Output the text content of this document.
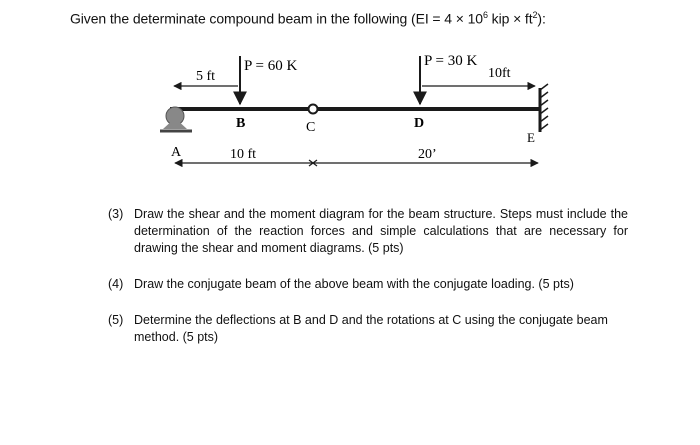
Given the determinate compound beam in the following ($EI = 4 \times 10^6$ kip × $ft^2$):
P = 60 K	P = 30 K
5 ft	10ft
10 ft	20’
A
B	C	D
E
(3) Draw the shear and the moment diagram for the beam structure. Steps must include the determination of the reaction forces and simple calculations that are necessary for drawing the shear and moment diagrams. (5 pts)
(4) Draw the conjugate beam of the above beam with the conjugate loading. (5 pts)
(5) Determine the deflections at B and D and the rotations at C using the conjugate beam method. (5 pts)
